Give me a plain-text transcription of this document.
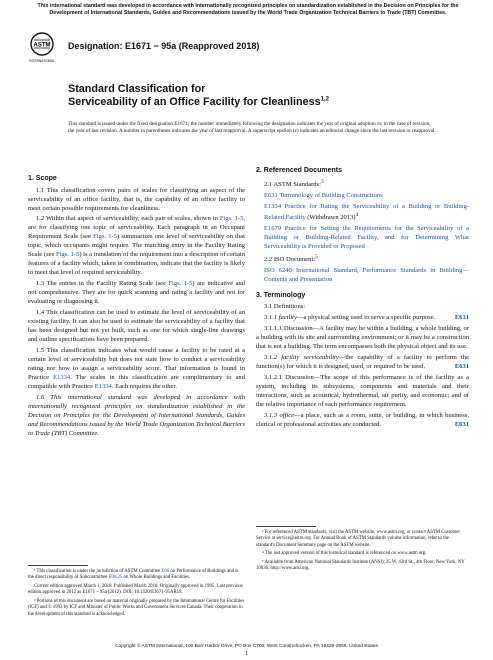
This international standard was developed in accordance with internationally recognized principles on standardization established in the Decision on Principles for the Development of International Standards, Guides and Recommendations issued by the World Trade Organization Technical Barriers to Trade (TBT) Committee.
ASTM
INTERNATIONAL
Designation: E1671 − 95a (Reapproved 2018)
Standard Classification for
Serviceability of an Office Facility for Cleanliness$^{1,2}$
This standard is issued under the fixed designation E1671; the number immediately following the designation indicates the year of original adoption or, in the case of revision, the year of last revision. A number in parentheses indicates the year of last reapproval. A superscript epsilon (ε) indicates an editorial change since the last revision or reapproval.
1. Scope

1.1 This classification covers pairs of scales for classifying an aspect of the serviceability of an office facility, that is, the capability of an office facility to meet certain possible requirements for cleanliness.

1.2 Within that aspect of serviceability, each pair of scales, shown in Figs. 1-5, are for classifying one topic of serviceability. Each paragraph in an Occupant Requirement Scale (see Figs. 1-5) summarizes one level of serviceability on that topic, which occupants might require. The matching entry in the Facility Rating Scale (see Figs. 1-5) is a translation of the requirement into a description of certain features of a facility which, taken in combination, indicate that the facility is likely to meet that level of required serviceability.

1.3 The entries in the Facility Rating Scale (see Figs. 1-5) are indicative and not comprehensive. They are for quick scanning and rating a facility and not for evaluating or diagnosing it.

1.4 This classification can be used to estimate the level of serviceability of an existing facility. It can also be used to estimate the serviceability of a facility that has been designed but not yet built, such as one for which single-line drawings and outline specifications have been prepared.

1.5 This classification indicates what would cause a facility to be rated at a certain level of serviceability but does not state how to conduct a serviceability rating nor how to assign a serviceability score. That information is found in Practice E1334. The scales in this classification are complimentary to and compatible with Practice E1334. Each requires the other.

1.6 This international standard was developed in accordance with internationally recognized principles on standardization established in the Decision on Principles for the Development of International Standards, Guides and Recommendations issued by the World Trade Organization Technical Barriers to Trade (TBT) Committee.

¹ This classification is under the jurisdiction of ASTM Committee E06 on Performance of Buildings and is the direct responsibility of Subcommittee E06.25 on Whole Buildings and Facilities.

Current edition approved March 1, 2018. Published March 2018. Originally approved in 1995. Last previous edition approved in 2012 as E1671 – 95a (2012). DOI: 10.1520/E1671-95AR18.

² Portions of this document are based on material originally prepared by the International Centre for Facilities (ICF) and © 1993 by ICF and Minister of Public Works and Government Services Canada. Their cooperation in the development of this standard is acknowledged.

2. Referenced Documents

2.1 ASTM Standards:$^3$

E631 Terminology of Building Constructions

E1334 Practice for Rating the Serviceability of a Building or Building-Related Facility (Withdrawn 2013)$^4$

E1679 Practice for Setting the Requirements for the Serviceability of a Building or Building-Related Facility, and for Determining What Serviceability is Provided or Proposed

2.2 ISO Document:$^5$

ISO 6240 International Standard, Performance Standards in Building—Contents and Presentation

3. Terminology

3.1 Definitions:

3.1.1 facility—a physical setting used to serve a specific purpose.	E631

3.1.1.1 Discussion—A facility may be within a building, a whole building, or a building with its site and surrounding environment; or it may be a construction that is not a building. The term encompasses both the physical object and its use.

3.1.2 facility serviceability—the capability of a facility to perform the function(s) for which it is designed, used, or required to be used.	E631

3.1.2.1 Discussion—The scope of this performance is of the facility as a system, including its subsystems, components and materials and their interactions, such as acoustical, hydrothermal, air purity, and economic; and of the relative importance of each performance requirement.

3.1.3 office—a place, such as a room, suite, or building, in which business, clerical or professional activities are conducted.	E631

³ For referenced ASTM standards, visit the ASTM website, www.astm.org, or contact ASTM Customer Service at service@astm.org. For Annual Book of ASTM Standards volume information, refer to the standard's Document Summary page on the ASTM website.

⁴ The last approved version of this historical standard is referenced on www.astm.org.

⁵ Available from American National Standards Institute (ANSI), 25 W. 43rd St., 4th Floor, New York, NY 10036, http://www.ansi.org.

Copyright © ASTM International, 100 Barr Harbor Drive, PO Box C700, West Conshohocken, PA 19428-2959. United States
1
